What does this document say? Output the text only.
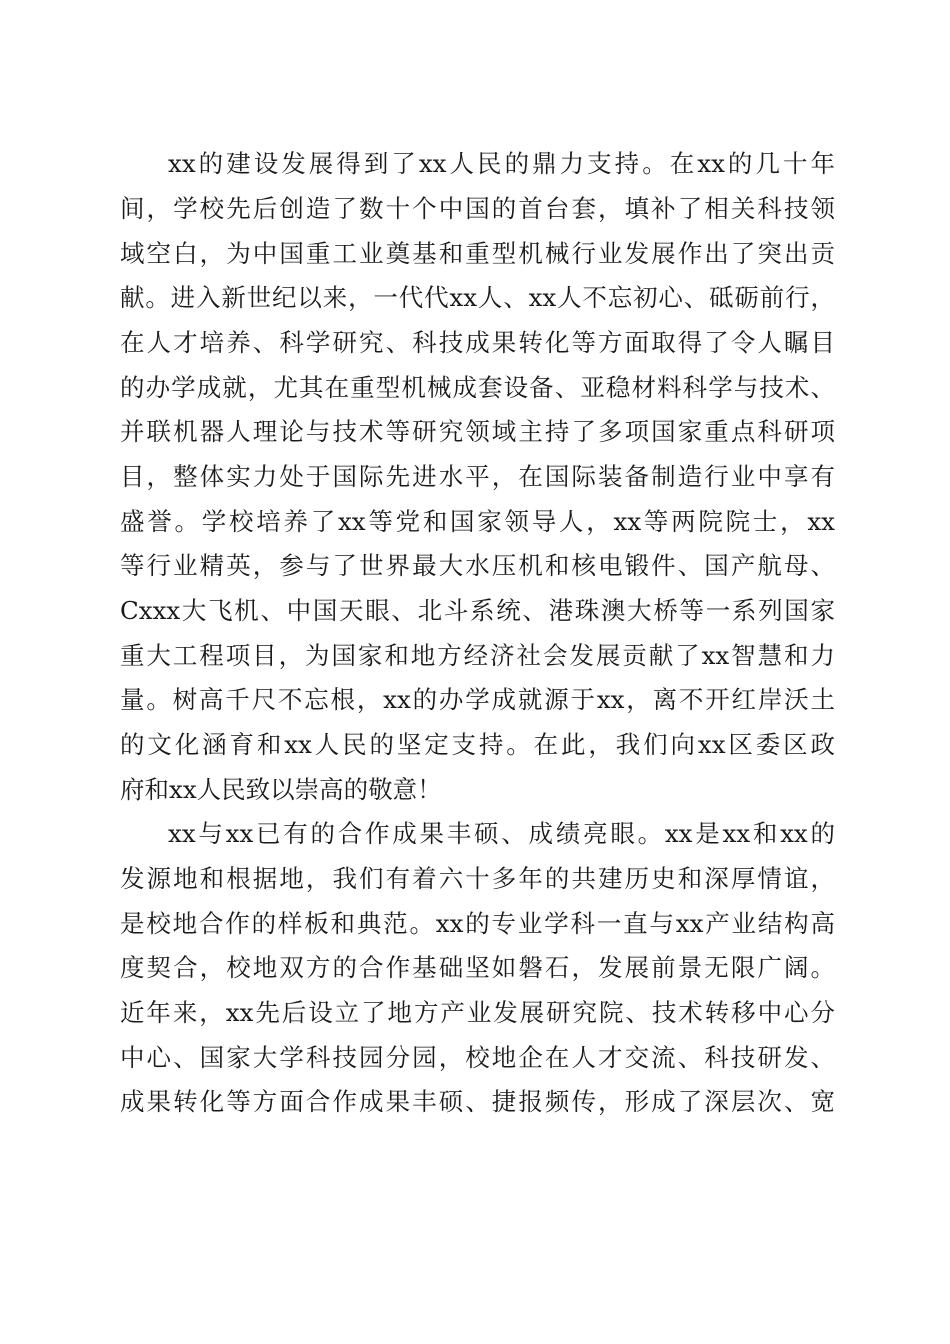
xx的建设发展得到了xx人民的鼎力支持。在xx的几十年
间，学校先后创造了数十个中国的首台套，填补了相关科技领
域空白，为中国重工业奠基和重型机械行业发展作出了突出贡
献。进入新世纪以来，一代代xx人、xx人不忘初心、砥砺前行，
在人才培养、科学研究、科技成果转化等方面取得了令人瞩目
的办学成就，尤其在重型机械成套设备、亚稳材料科学与技术、
并联机器人理论与技术等研究领域主持了多项国家重点科研项
目，整体实力处于国际先进水平，在国际装备制造行业中享有
盛誉。学校培养了xx等党和国家领导人，xx等两院院士，xx
等行业精英，参与了世界最大水压机和核电锻件、国产航母、
Cxxx大飞机、中国天眼、北斗系统、港珠澳大桥等一系列国家
重大工程项目，为国家和地方经济社会发展贡献了xx智慧和力
量。树高千尺不忘根，xx的办学成就源于xx，离不开红岸沃土
的文化涵育和xx人民的坚定支持。在此，我们向xx区委区政
府和xx人民致以崇高的敬意！
xx与xx已有的合作成果丰硕、成绩亮眼。xx是xx和xx的
发源地和根据地，我们有着六十多年的共建历史和深厚情谊，
是校地合作的样板和典范。xx的专业学科一直与xx产业结构高
度契合，校地双方的合作基础坚如磐石，发展前景无限广阔。
近年来，xx先后设立了地方产业发展研究院、技术转移中心分
中心、国家大学科技园分园，校地企在人才交流、科技研发、
成果转化等方面合作成果丰硕、捷报频传，形成了深层次、宽
